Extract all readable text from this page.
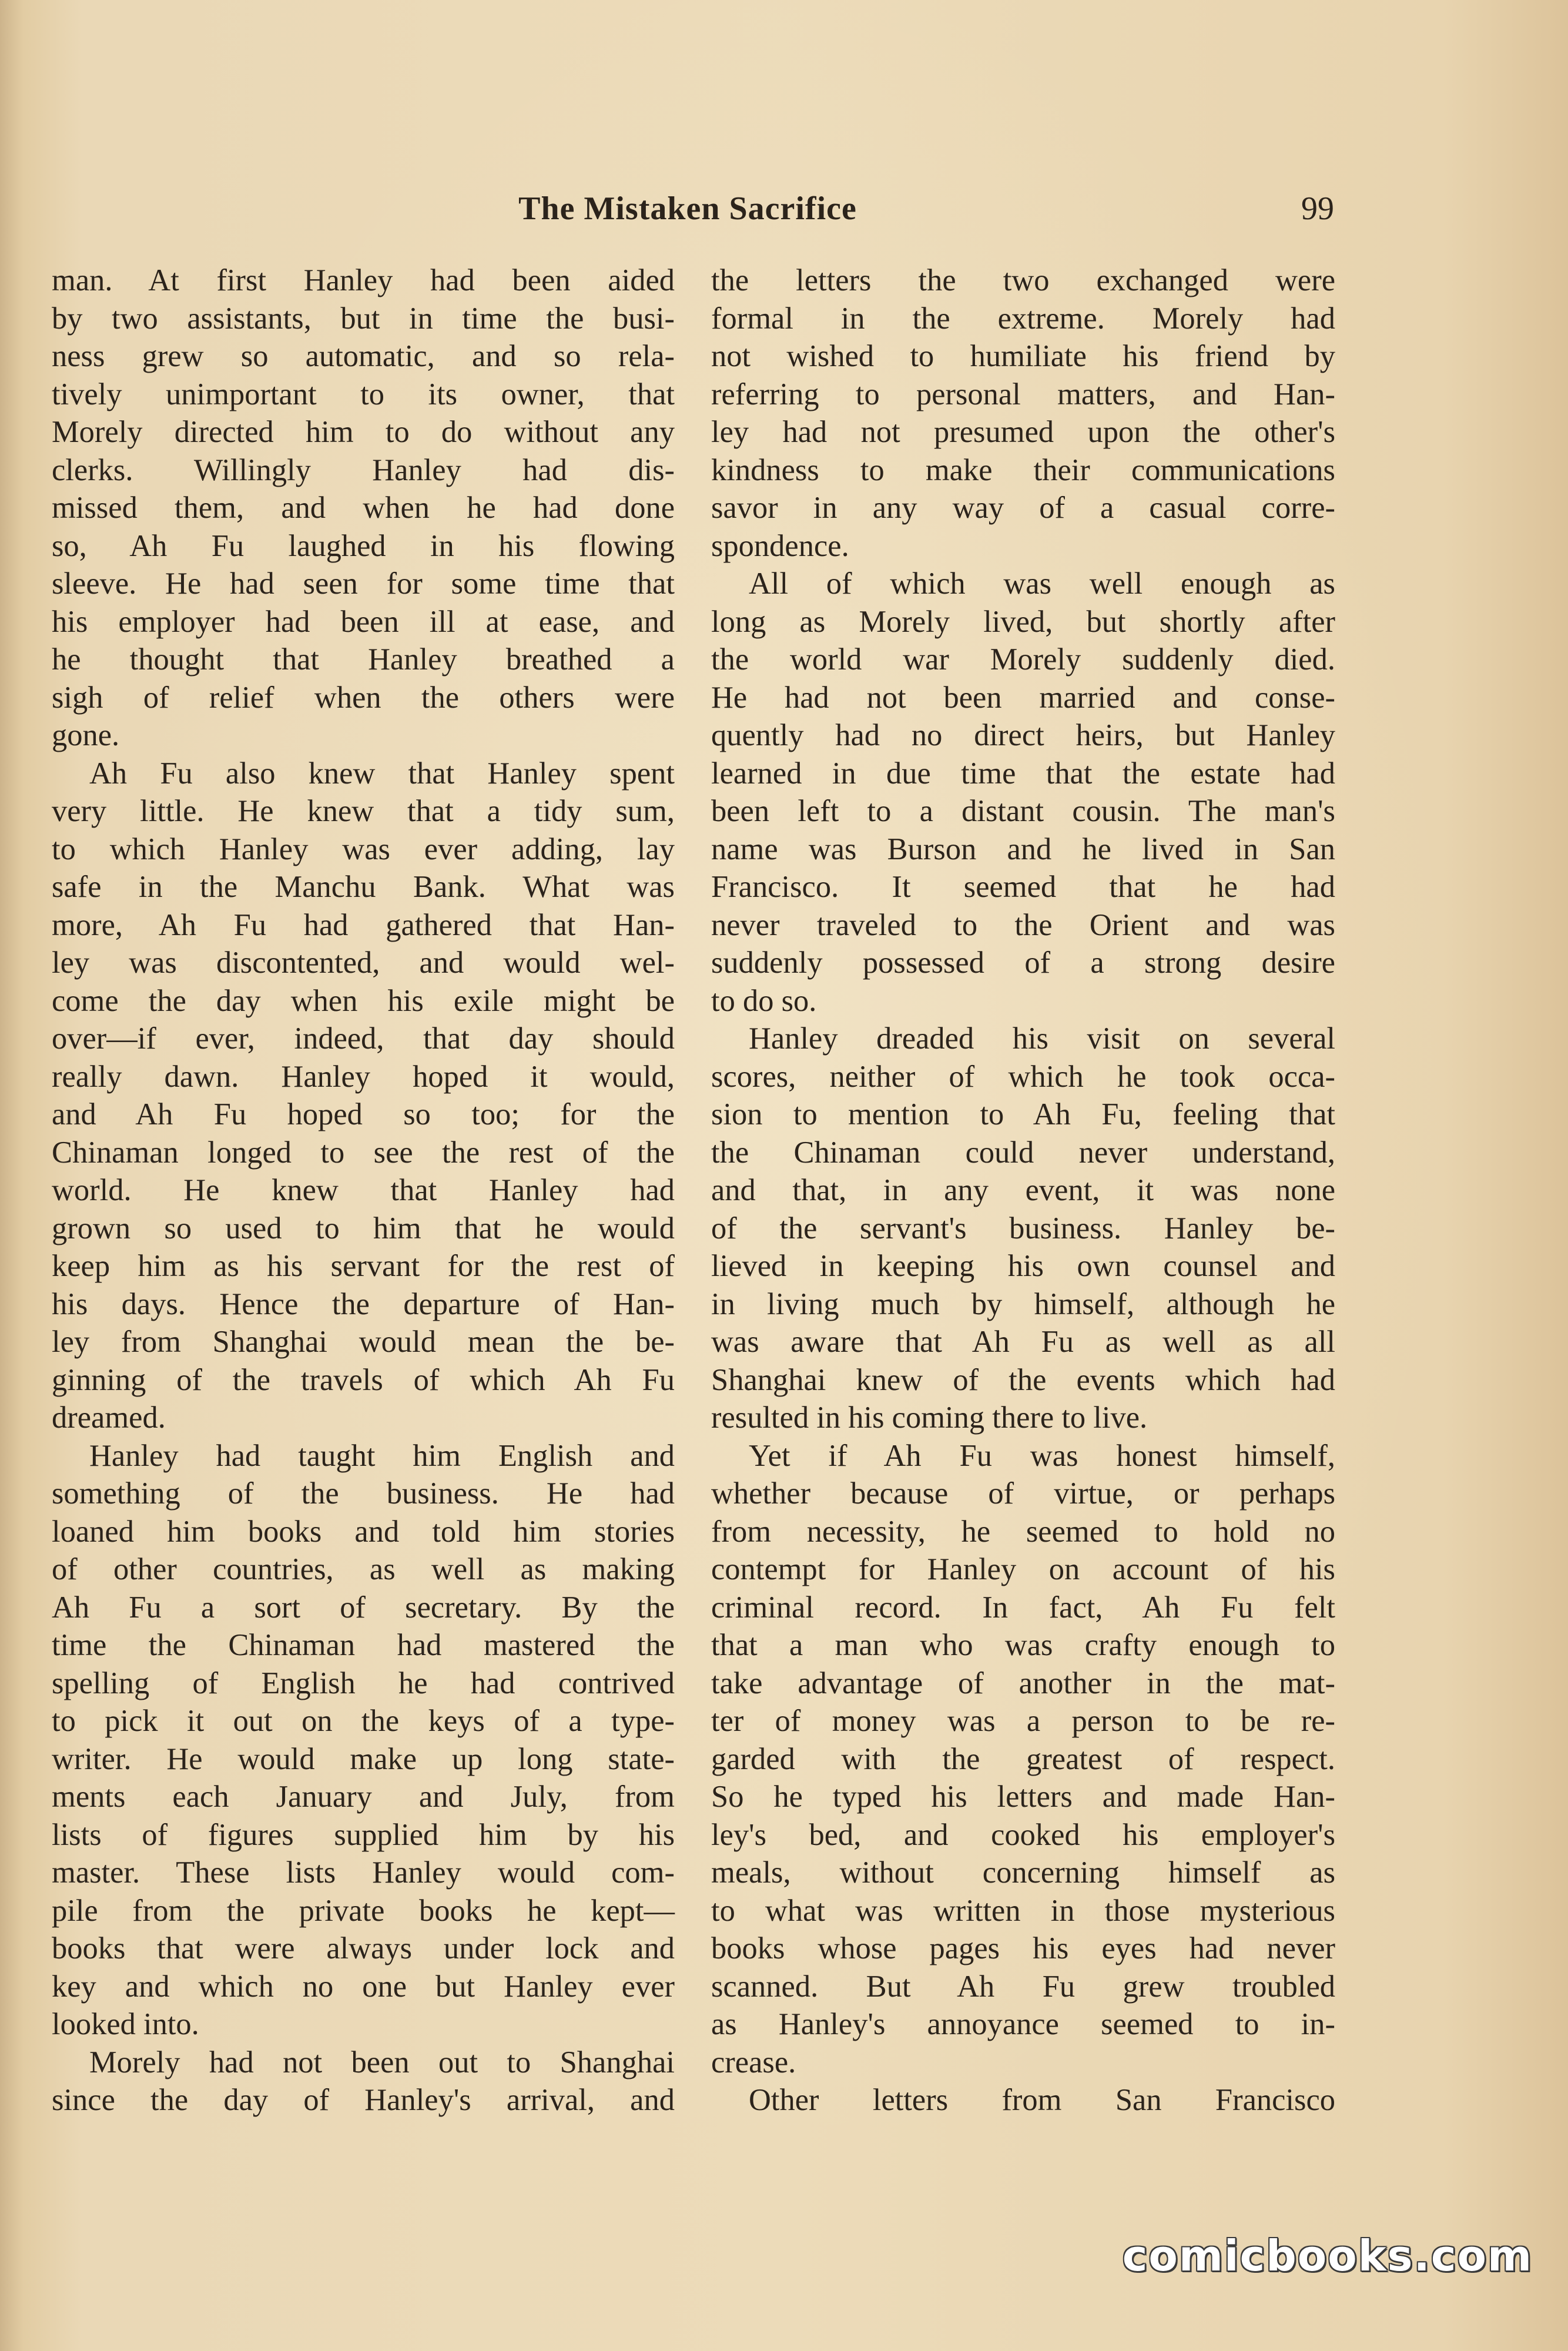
The Mistaken Sacrifice	99
man. At first Hanley had been aided
by two assistants, but in time the busi-
ness grew so automatic, and so rela-
tively unimportant to its owner, that
Morely directed him to do without any
clerks. Willingly Hanley had dis-
missed them, and when he had done
so, Ah Fu laughed in his flowing
sleeve. He had seen for some time that
his employer had been ill at ease, and
he thought that Hanley breathed a
sigh of relief when the others were
gone.
Ah Fu also knew that Hanley spent
very little. He knew that a tidy sum,
to which Hanley was ever adding, lay
safe in the Manchu Bank. What was
more, Ah Fu had gathered that Han-
ley was discontented, and would wel-
come the day when his exile might be
over—if ever, indeed, that day should
really dawn. Hanley hoped it would,
and Ah Fu hoped so too; for the
Chinaman longed to see the rest of the
world. He knew that Hanley had
grown so used to him that he would
keep him as his servant for the rest of
his days. Hence the departure of Han-
ley from Shanghai would mean the be-
ginning of the travels of which Ah Fu
dreamed.
Hanley had taught him English and
something of the business. He had
loaned him books and told him stories
of other countries, as well as making
Ah Fu a sort of secretary. By the
time the Chinaman had mastered the
spelling of English he had contrived
to pick it out on the keys of a type-
writer. He would make up long state-
ments each January and July, from
lists of figures supplied him by his
master. These lists Hanley would com-
pile from the private books he kept—
books that were always under lock and
key and which no one but Hanley ever
looked into.
Morely had not been out to Shanghai
since the day of Hanley's arrival, and
the letters the two exchanged were
formal in the extreme. Morely had
not wished to humiliate his friend by
referring to personal matters, and Han-
ley had not presumed upon the other's
kindness to make their communications
savor in any way of a casual corre-
spondence.
All of which was well enough as
long as Morely lived, but shortly after
the world war Morely suddenly died.
He had not been married and conse-
quently had no direct heirs, but Hanley
learned in due time that the estate had
been left to a distant cousin. The man's
name was Burson and he lived in San
Francisco. It seemed that he had
never traveled to the Orient and was
suddenly possessed of a strong desire
to do so.
Hanley dreaded his visit on several
scores, neither of which he took occa-
sion to mention to Ah Fu, feeling that
the Chinaman could never understand,
and that, in any event, it was none
of the servant's business. Hanley be-
lieved in keeping his own counsel and
in living much by himself, although he
was aware that Ah Fu as well as all
Shanghai knew of the events which had
resulted in his coming there to live.
Yet if Ah Fu was honest himself,
whether because of virtue, or perhaps
from necessity, he seemed to hold no
contempt for Hanley on account of his
criminal record. In fact, Ah Fu felt
that a man who was crafty enough to
take advantage of another in the mat-
ter of money was a person to be re-
garded with the greatest of respect.
So he typed his letters and made Han-
ley's bed, and cooked his employer's
meals, without concerning himself as
to what was written in those mysterious
books whose pages his eyes had never
scanned. But Ah Fu grew troubled
as Hanley's annoyance seemed to in-
crease.
Other letters from San Francisco
comicbooks.com
